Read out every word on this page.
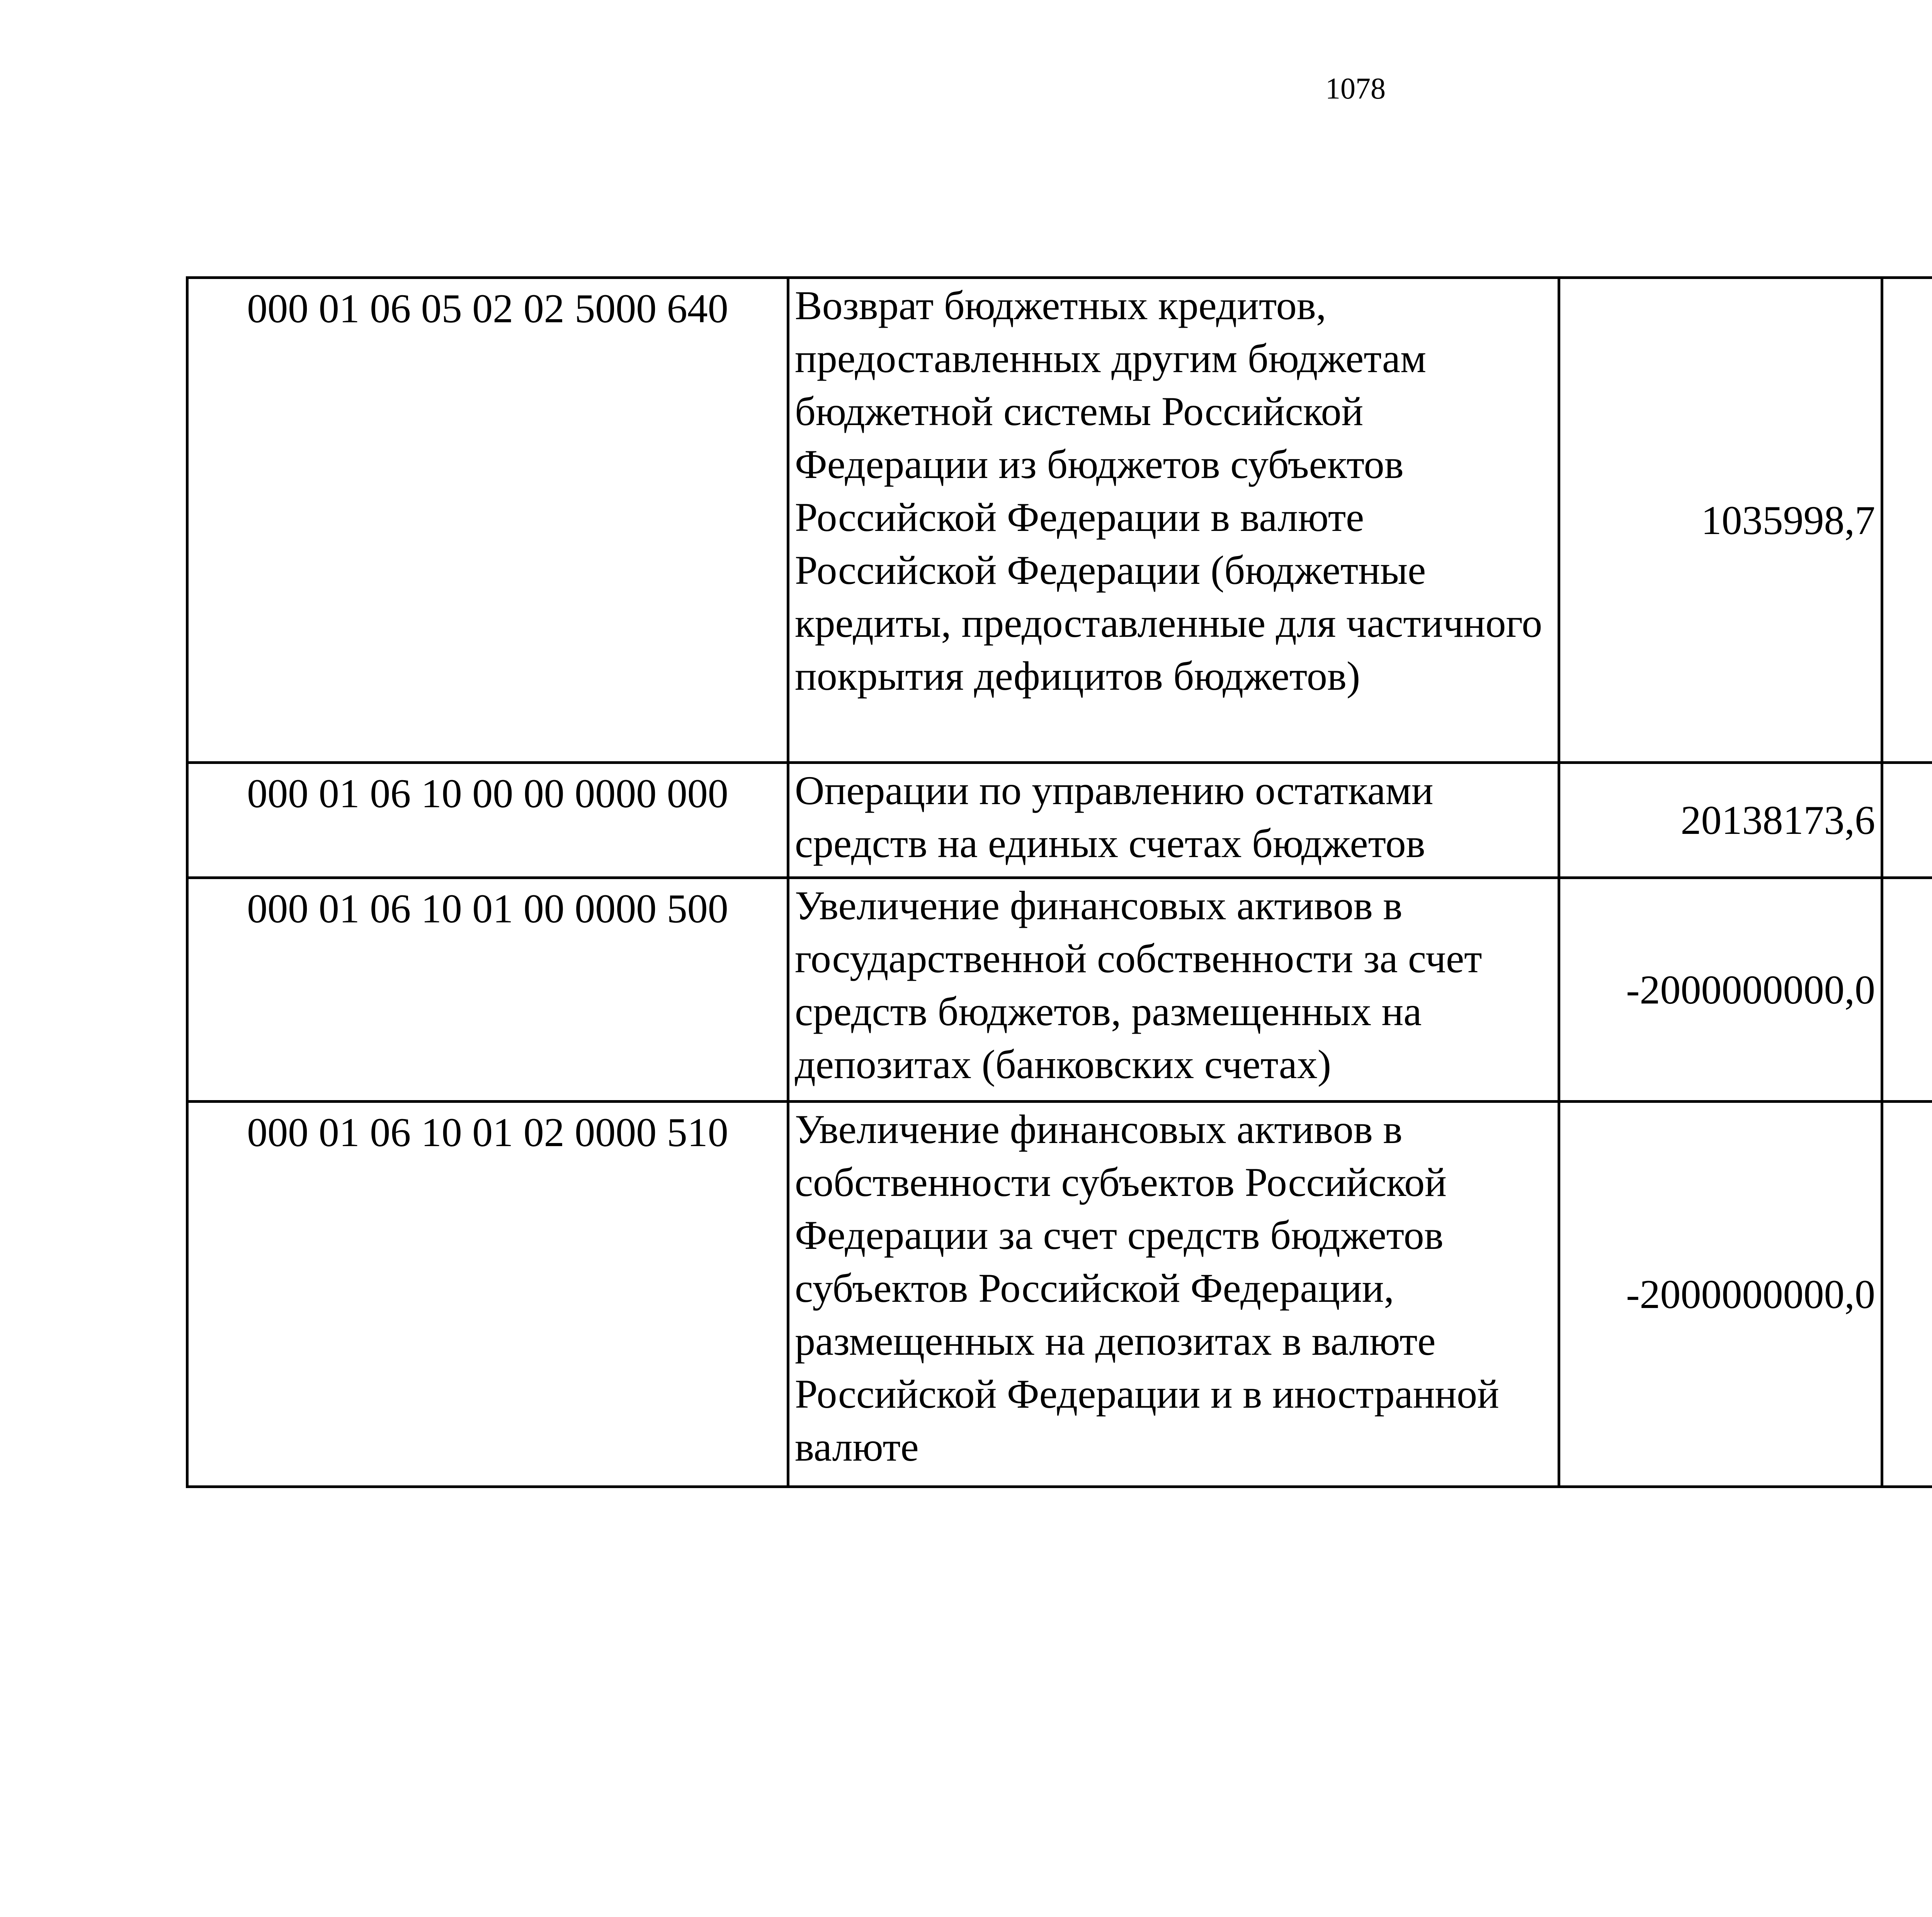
1078
000 01 06 05 02 02 5000 640	Возврат бюджетных кредитов, предоставленных другим бюджетам бюджетной системы Российской Федерации из бюджетов субъектов Российской Федерации в валюте Российской Федерации (бюджетные кредиты, предоставленные для частичного покрытия дефицитов бюджетов)	1035998,7		

000 01 06 10 00 00 0000 000	Операции по управлению остатками средств на единых счетах бюджетов	20138173,6		

000 01 06 10 01 00 0000 500	Увеличение финансовых активов в государственной собственности за счет средств бюджетов, размещенных на депозитах (банковских счетах)	-2000000000,0		

000 01 06 10 01 02 0000 510	Увеличение финансовых активов в собственности субъектов Российской Федерации за счет средств бюджетов субъектов Российской Федерации, размещенных на депозитах в валюте Российской Федерации и в иностранной валюте	-2000000000,0		
